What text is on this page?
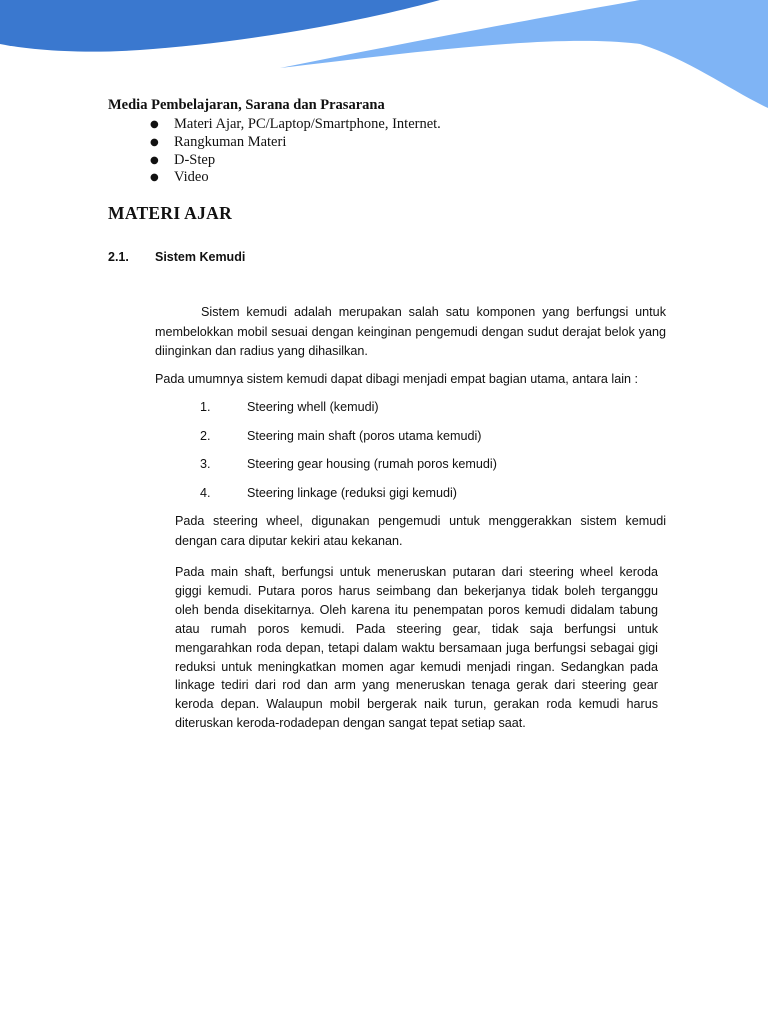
Media Pembelajaran, Sarana dan Prasarana
● Materi Ajar, PC/Laptop/Smartphone, Internet.
● Rangkuman Materi
● D-Step
● Video
MATERI AJAR
2.1. Sistem Kemudi

Sistem kemudi adalah merupakan salah satu komponen yang berfungsi untuk membelokkan mobil sesuai dengan keinginan pengemudi dengan sudut derajat belok yang diinginkan dan radius yang dihasilkan.

Pada umumnya sistem kemudi dapat dibagi menjadi empat bagian utama, antara lain :

1.	Steering whell (kemudi)
2.	Steering main shaft (poros utama kemudi)
3.	Steering gear housing (rumah poros kemudi)
4.	Steering linkage (reduksi gigi kemudi)

Pada steering wheel, digunakan pengemudi untuk menggerakkan sistem kemudi dengan cara diputar kekiri atau kekanan.

Pada main shaft, berfungsi untuk meneruskan putaran dari steering wheel keroda giggi kemudi. Putara poros harus seimbang dan bekerjanya tidak boleh terganggu oleh benda disekitarnya. Oleh karena itu penempatan poros kemudi didalam tabung atau rumah poros kemudi. Pada steering gear, tidak saja berfungsi untuk mengarahkan roda depan, tetapi dalam waktu bersamaan juga berfungsi sebagai gigi reduksi untuk meningkatkan momen agar kemudi menjadi ringan. Sedangkan pada linkage tediri dari rod dan arm yang meneruskan tenaga gerak dari steering gear keroda depan. Walaupun mobil bergerak naik turun, gerakan roda kemudi harus diteruskan keroda-rodadepan dengan sangat tepat setiap saat.
